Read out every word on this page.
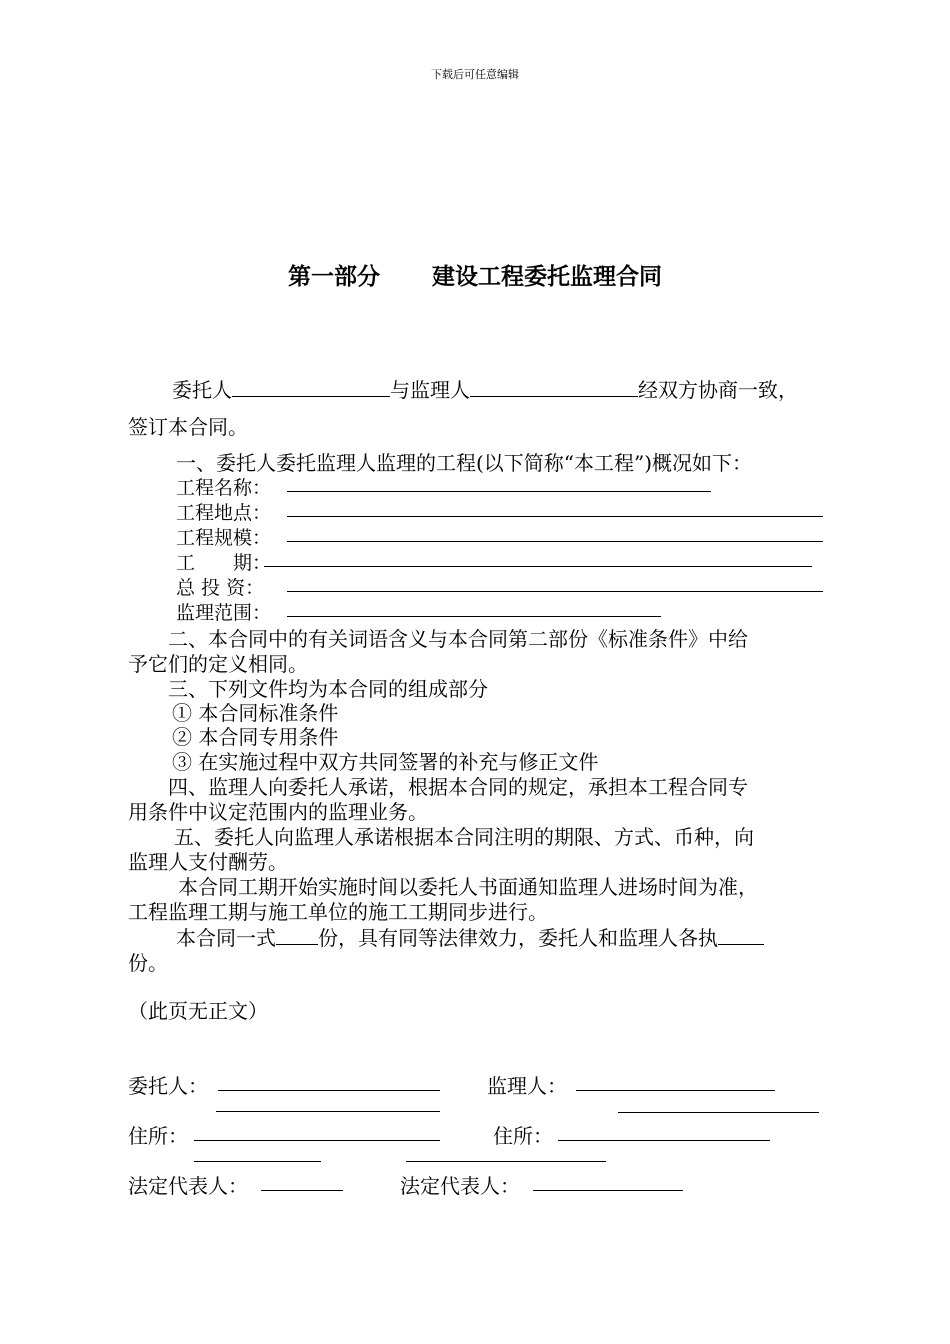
下载后可任意编辑
第一部分 建设工程委托监理合同
委托人	与监理人	经双方协商一致，
签订本合同。
一、委托人委托监理人监理的工程(以下简称“本工程”)概况如下：
工程名称：
工程地点：
工程规模：
工　　期：
总 投 资：
监理范围：
二、本合同中的有关词语含义与本合同第二部份《标准条件》中给
予它们的定义相同。
三、下列文件均为本合同的组成部分
① 本合同标准条件
② 本合同专用条件
③ 在实施过程中双方共同签署的补充与修正文件
四、监理人向委托人承诺，根据本合同的规定，承担本工程合同专
用条件中议定范围内的监理业务。
五、委托人向监理人承诺根据本合同注明的期限、方式、币种，向
监理人支付酬劳。
本合同工期开始实施时间以委托人书面通知监理人进场时间为准，
工程监理工期与施工单位的施工工期同步进行。
本合同一式 份，具有同等法律效力，委托人和监理人各执
份。
（此页无正文）
委托人：	监理人：
住所：	住所：
法定代表人：	法定代表人：
